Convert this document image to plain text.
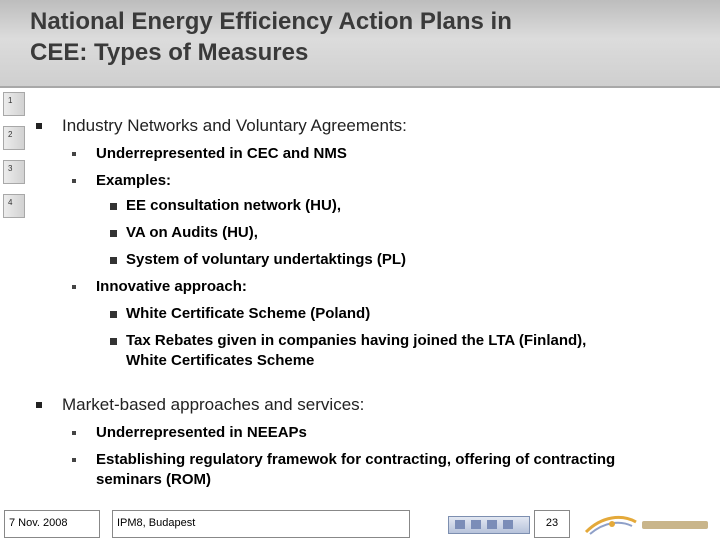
National Energy Efficiency Action Plans in
CEE: Types of Measures
1
2
3
4
Industry Networks and Voluntary Agreements:
Underrepresented in CEC and NMS
Examples:
EE consultation network (HU),
VA on Audits (HU),
System of voluntary undertaktings (PL)
Innovative approach:
White Certificate Scheme (Poland)
Tax Rebates given in companies having joined the LTA (Finland),
White Certificates Scheme
Market-based approaches and services:
Underrepresented in NEEAPs
Establishing regulatory framewok for contracting, offering of contracting
seminars (ROM)
7 Nov. 2008	IPM8, Budapest	23
